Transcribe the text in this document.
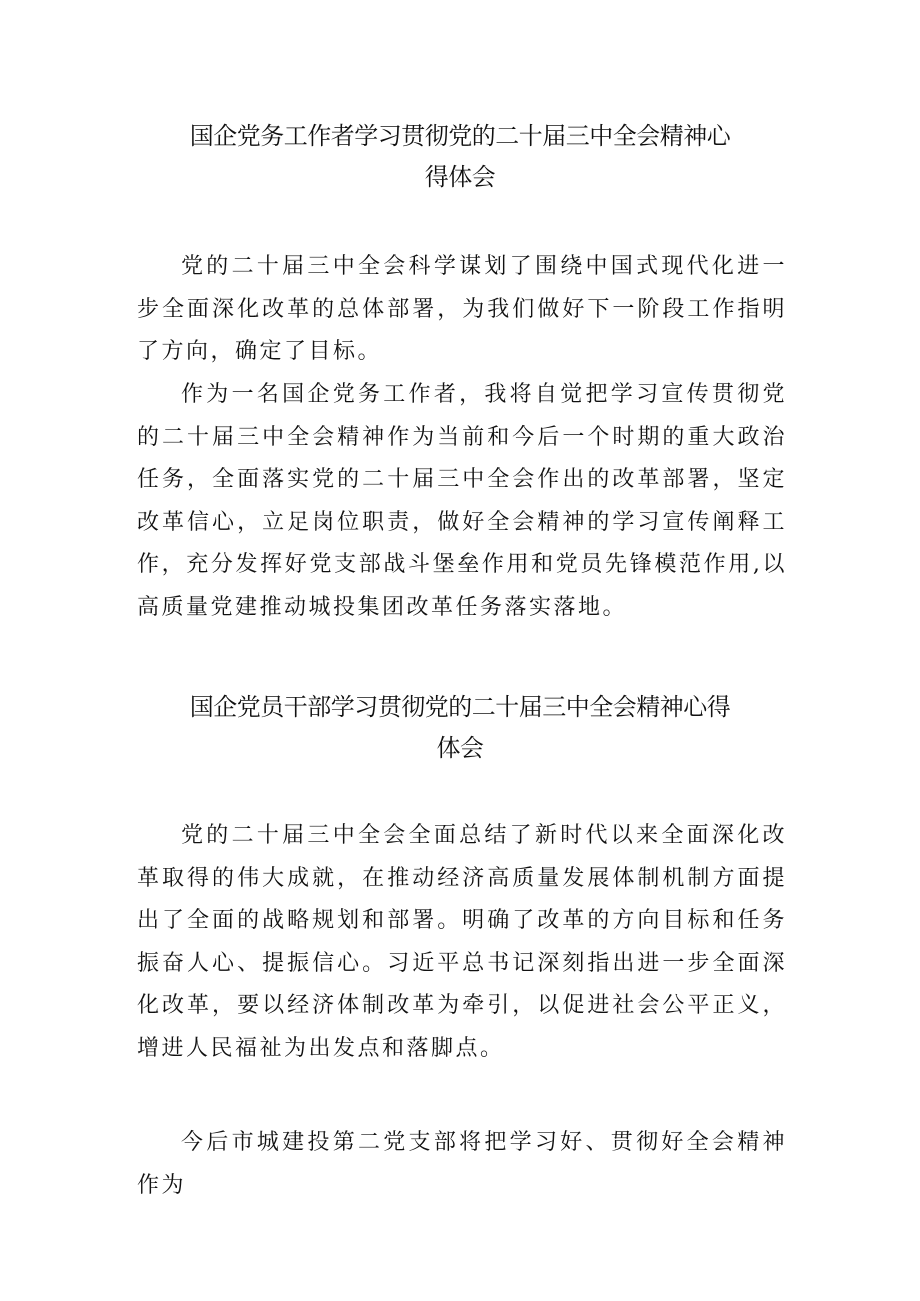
国企党务工作者学习贯彻党的二十届三中全会精神心
得体会

党的二十届三中全会科学谋划了围绕中国式现代化进一步全面深化改革的总体部署，为我们做好下一阶段工作指明了方向，确定了目标。

作为一名国企党务工作者，我将自觉把学习宣传贯彻党的二十届三中全会精神作为当前和今后一个时期的重大政治任务，全面落实党的二十届三中全会作出的改革部署，坚定改革信心，立足岗位职责，做好全会精神的学习宣传阐释工作，充分发挥好党支部战斗堡垒作用和党员先锋模范作用,以高质量党建推动城投集团改革任务落实落地。

国企党员干部学习贯彻党的二十届三中全会精神心得
体会

党的二十届三中全会全面总结了新时代以来全面深化改革取得的伟大成就，在推动经济高质量发展体制机制方面提出了全面的战略规划和部署。明确了改革的方向目标和任务振奋人心、提振信心。习近平总书记深刻指出进一步全面深化改革，要以经济体制改革为牵引，以促进社会公平正义，增进人民福祉为出发点和落脚点。

今后市城建投第二党支部将把学习好、贯彻好全会精神作为
